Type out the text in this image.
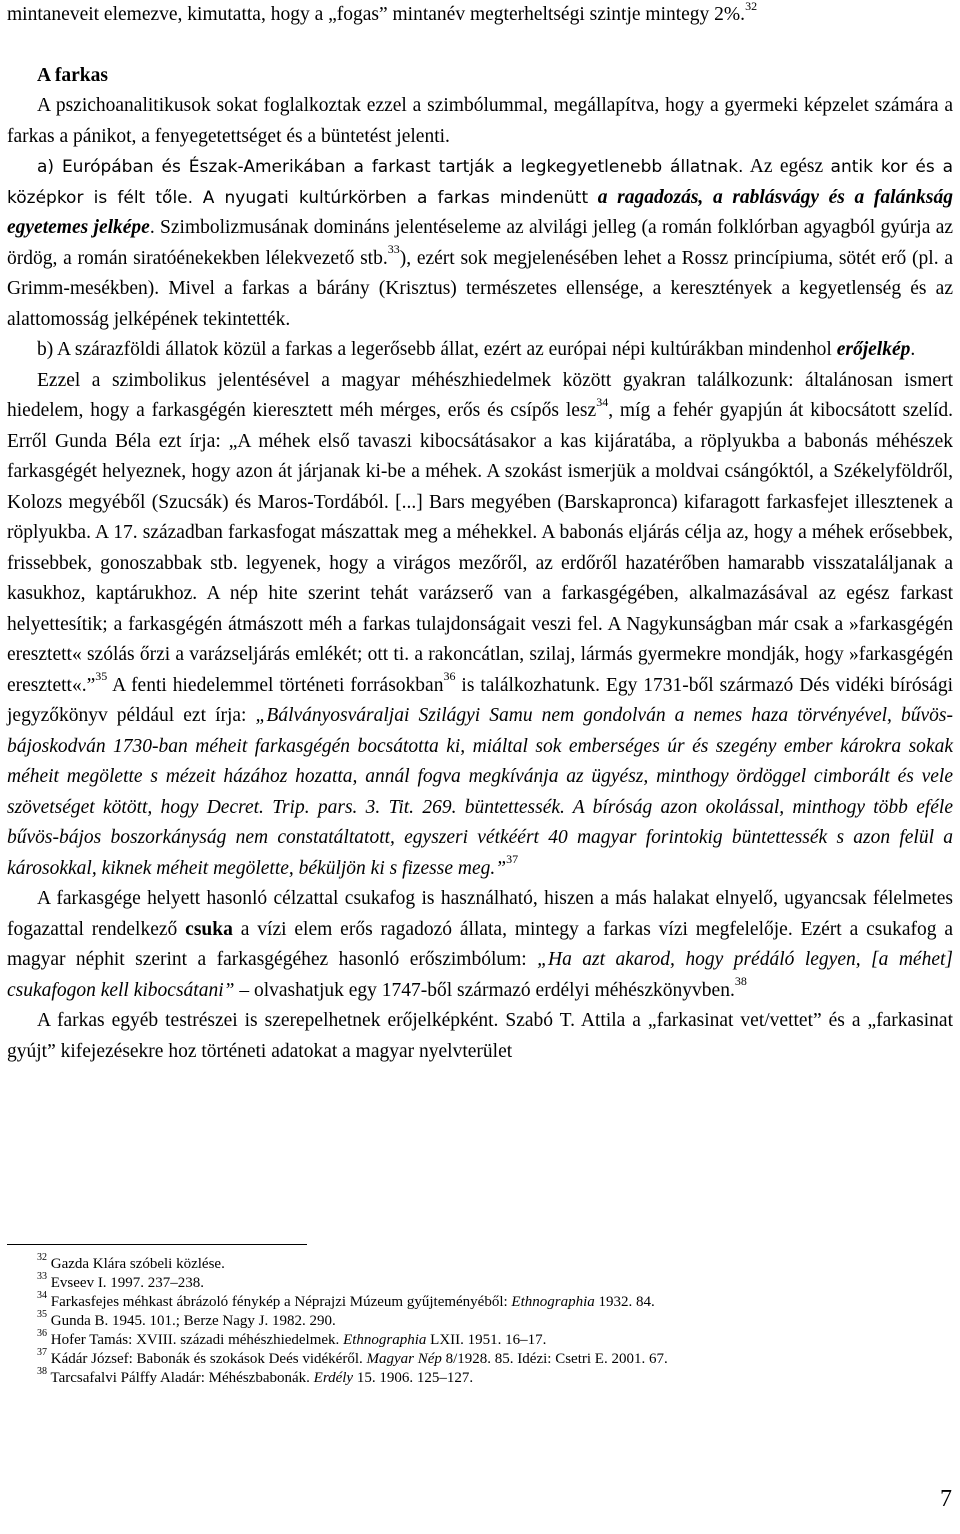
mintaneveit elemezve, kimutatta, hogy a „fogas” mintanév megterheltségi szintje mintegy 2%.$^{32}$

A farkas

A pszichoanalitikusok sokat foglalkoztak ezzel a szimbólummal, megállapítva, hogy a gyermeki képzelet számára a farkas a pánikot, a fenyegetettséget és a büntetést jelenti.

a) Európában és Észak-Amerikában a farkast tartják a legkegyetlenebb állatnak. Az egész antik kor és a középkor is félt tőle. A nyugati kultúrkörben a farkas mindenütt a ragadozás, a rablásvágy és a falánkság egyetemes jelképe. Szimbolizmusának domináns jelentéseleme az alvilági jelleg (a román folklórban agyagból gyúrja az ördög, a román siratóénekekben lélekvezető stb.$^{33}$), ezért sok megjelenésében lehet a Rossz princípiuma, sötét erő (pl. a Grimm-mesékben). Mivel a farkas a bárány (Krisztus) természetes ellensége, a keresztények a kegyetlenség és az alattomosság jelképének tekintették.

b) A szárazföldi állatok közül a farkas a legerősebb állat, ezért az európai népi kultúrákban mindenhol erőjelkép.

Ezzel a szimbolikus jelentésével a magyar méhészhiedelmek között gyakran találkozunk: általánosan ismert hiedelem, hogy a farkasgégén kieresztett méh mérges, erős és csípős lesz$^{34}$, míg a fehér gyapjún át kibocsátott szelíd. Erről Gunda Béla ezt írja: „A méhek első tavaszi kibocsátásakor a kas kijáratába, a röplyukba a babonás méhészek farkasgégét helyeznek, hogy azon át járjanak ki-be a méhek. A szokást ismerjük a moldvai csángóktól, a Székelyföldről, Kolozs megyéből (Szucsák) és Maros-Tordából. [...] Bars megyében (Barskapronca) kifaragott farkasfejet illesztenek a röplyukba. A 17. században farkasfogat mászattak meg a méhekkel. A babonás eljárás célja az, hogy a méhek erősebbek, frissebbek, gonoszabbak stb. legyenek, hogy a virágos mezőről, az erdőről hazatérőben hamarabb visszataláljanak a kasukhoz, kaptárukhoz. A nép hite szerint tehát varázserő van a farkasgégében, alkalmazásával az egész farkast helyettesítik; a farkasgégén átmászott méh a farkas tulajdonságait veszi fel. A Nagykunságban már csak a »farkasgégén eresztett« szólás őrzi a varázseljárás emlékét; ott ti. a rakoncátlan, szilaj, lármás gyermekre mondják, hogy »farkasgégén eresztett«.”$^{35}$ A fenti hiedelemmel történeti forrásokban$^{36}$ is találkozhatunk. Egy 1731-ből származó Dés vidéki bírósági jegyzőkönyv például ezt írja: „Bálványosváraljai Szilágyi Samu nem gondolván a nemes haza törvényével, bűvös-bájoskodván 1730-ban méheit farkasgégén bocsátotta ki, miáltal sok emberséges úr és szegény ember károkra sokak méheit megölette s mézeit házához hozatta, annál fogva megkívánja az ügyész, minthogy ördöggel cimborált és vele szövetséget kötött, hogy Decret. Trip. pars. 3. Tit. 269. büntettessék. A bíróság azon okolással, minthogy több eféle bűvös-bájos boszorkányság nem constatáltatott, egyszeri vétkéért 40 magyar forintokig büntettessék s azon felül a károsokkal, kiknek méheit megölette, béküljön ki s fizesse meg.”$^{37}$

A farkasgége helyett hasonló célzattal csukafog is használható, hiszen a más halakat elnyelő, ugyancsak félelmetes fogazattal rendelkező csuka a vízi elem erős ragadozó állata, mintegy a farkas vízi megfelelője. Ezért a csukafog a magyar néphit szerint a farkasgégéhez hasonló erőszimbólum: „Ha azt akarod, hogy prédáló legyen, [a méhet] csukafogon kell kibocsátani” – olvashatjuk egy 1747-ből származó erdélyi méhészkönyvben.$^{38}$

A farkas egyéb testrészei is szerepelhetnek erőjelképként. Szabó T. Attila a „farkasinat vet/vettet” és a „farkasinat gyújt” kifejezésekre hoz történeti adatokat a magyar nyelvterület

$^{32}$ Gazda Klára szóbeli közlése.

$^{33}$ Evseev I. 1997. 237–238.

$^{34}$ Farkasfejes méhkast ábrázoló fénykép a Néprajzi Múzeum gyűjteményéből: Ethnographia 1932. 84.

$^{35}$ Gunda B. 1945. 101.; Berze Nagy J. 1982. 290.

$^{36}$ Hofer Tamás: XVIII. századi méhészhiedelmek. Ethnographia LXII. 1951. 16–17.

$^{37}$ Kádár József: Babonák és szokások Deés vidékéről. Magyar Nép 8/1928. 85. Idézi: Csetri E. 2001. 67.

$^{38}$ Tarcsafalvi Pálffy Aladár: Méhészbabonák. Erdély 15. 1906. 125–127.

7
